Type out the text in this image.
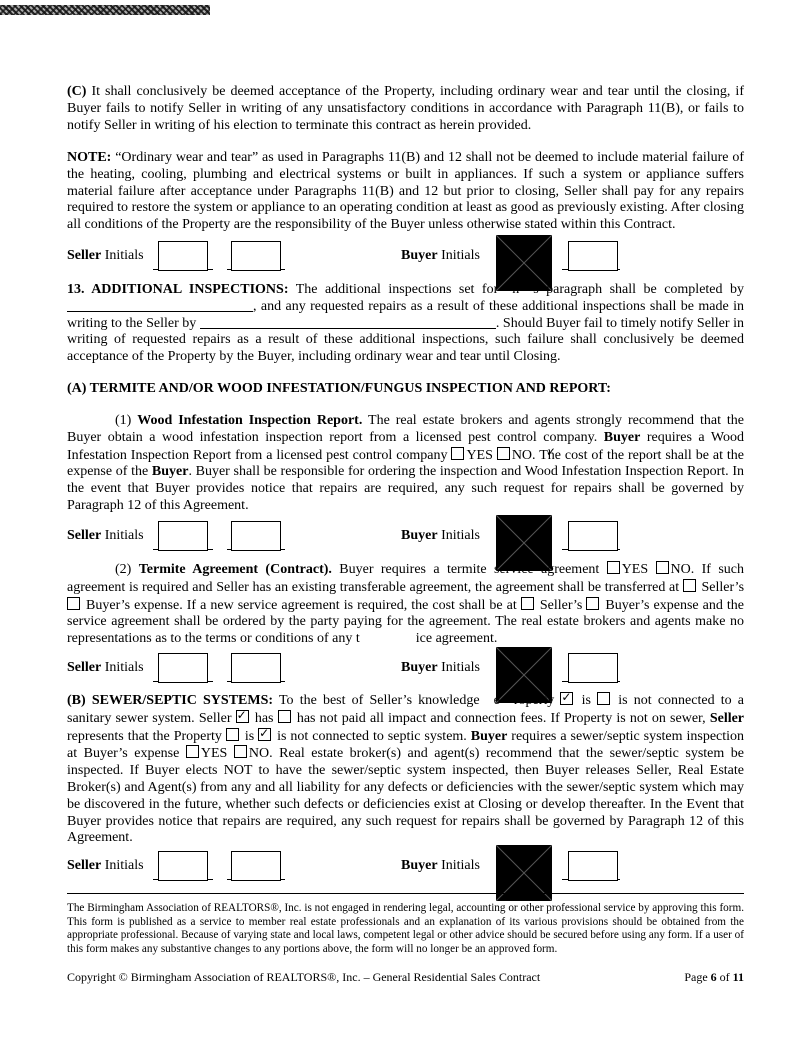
(C) It shall conclusively be deemed acceptance of the Property, including ordinary wear and tear until the closing, if Buyer fails to notify Seller in writing of any unsatisfactory conditions in accordance with Paragraph 11(B), or fails to notify Seller in writing of his election to terminate this contract as herein provided.

NOTE: “Ordinary wear and tear” as used in Paragraphs 11(B) and 12 shall not be deemed to include material failure of the heating, cooling, plumbing and electrical systems or built in appliances. If such a system or appliance suffers material failure after acceptance under Paragraphs 11(B) and 12 but prior to closing, Seller shall pay for any repairs required to restore the system or appliance to an operating condition at least as good as previously existing. After closing all conditions of the Property are the responsibility of the Buyer unless otherwise stated within this Contract.

Seller Initials	Buyer Initials

13. ADDITIONAL INSPECTIONS: The additional inspections set for n s paragraph shall be completed by , and any requested repairs as a result of these additional inspections shall be made in writing to the Seller by	. Should Buyer fail to timely notify Seller in writing of requested repairs as a result of these additional inspections, such failure shall conclusively be deemed acceptance of the Property by the Buyer, including ordinary wear and tear until Closing.

(A) TERMITE AND/OR WOOD INFESTATION/FUNGUS INSPECTION AND REPORT:

(1) Wood Infestation Inspection Report. The real estate brokers and agents strongly recommend that the Buyer obtain a wood infestation inspection report from a licensed pest control company. Buyer requires a Wood Infestation Inspection Report from a licensed pest control company YES ✓NO. The cost of the report shall be at the expense of the Buyer. Buyer shall be responsible for ordering the inspection and Wood Infestation Inspection Report. In the event that Buyer provides notice that repairs are required, any such request for repairs shall be governed by Paragraph 12 of this Agreement.

Seller Initials	Buyer Initials

(2) Termite Agreement (Contract). Buyer requires a termite service agreement YES NO. If such agreement is required and Seller has an existing transferable agreement, the agreement shall be transferred at  Seller’s  Buyer’s expense. If a new service agreement is required, the cost shall be at  Seller’s  Buyer’s expense and the service agreement shall be ordered by the party paying for the agreement. The real estate brokers and agents make no representations as to the terms or conditions of any t	ice agreement.

Seller Initials	Buyer Initials

(B) SEWER/SEPTIC SYSTEMS: To the best of Seller’s knowledge e roperty ✓ is  is not connected to a sanitary sewer system. Seller ✓ has  has not paid all impact and connection fees. If Property is not on sewer, Seller represents that the Property  is ✓ is not connected to septic system. Buyer requires a sewer/septic system inspection at Buyer’s expense YES NO. Real estate broker(s) and agent(s) recommend that the sewer/septic system be inspected. If Buyer elects NOT to have the sewer/septic system inspected, then Buyer releases Seller, Real Estate Broker(s) and Agent(s) from any and all liability for any defects or deficiencies with the sewer/septic system which may be discovered in the future, whether such defects or deficiencies exist at Closing or develop thereafter. In the Event that Buyer provides notice that repairs are required, any such request for repairs shall be governed by Paragraph 12 of this Agreement.

Seller Initials	Buyer Initials

The Birmingham Association of REALTORS®, Inc. is not engaged in rendering legal, accounting or other professional service by approving this form. This form is published as a service to member real estate professionals and an explanation of its various provisions should be obtained from the appropriate professional. Because of varying state and local laws, competent legal or other advice should be secured before using any form. If a user of this form makes any substantive changes to any portions above, the form will no longer be an approved form.

Copyright © Birmingham Association of REALTORS®, Inc. – General Residential Sales Contract	Page 6 of 11
